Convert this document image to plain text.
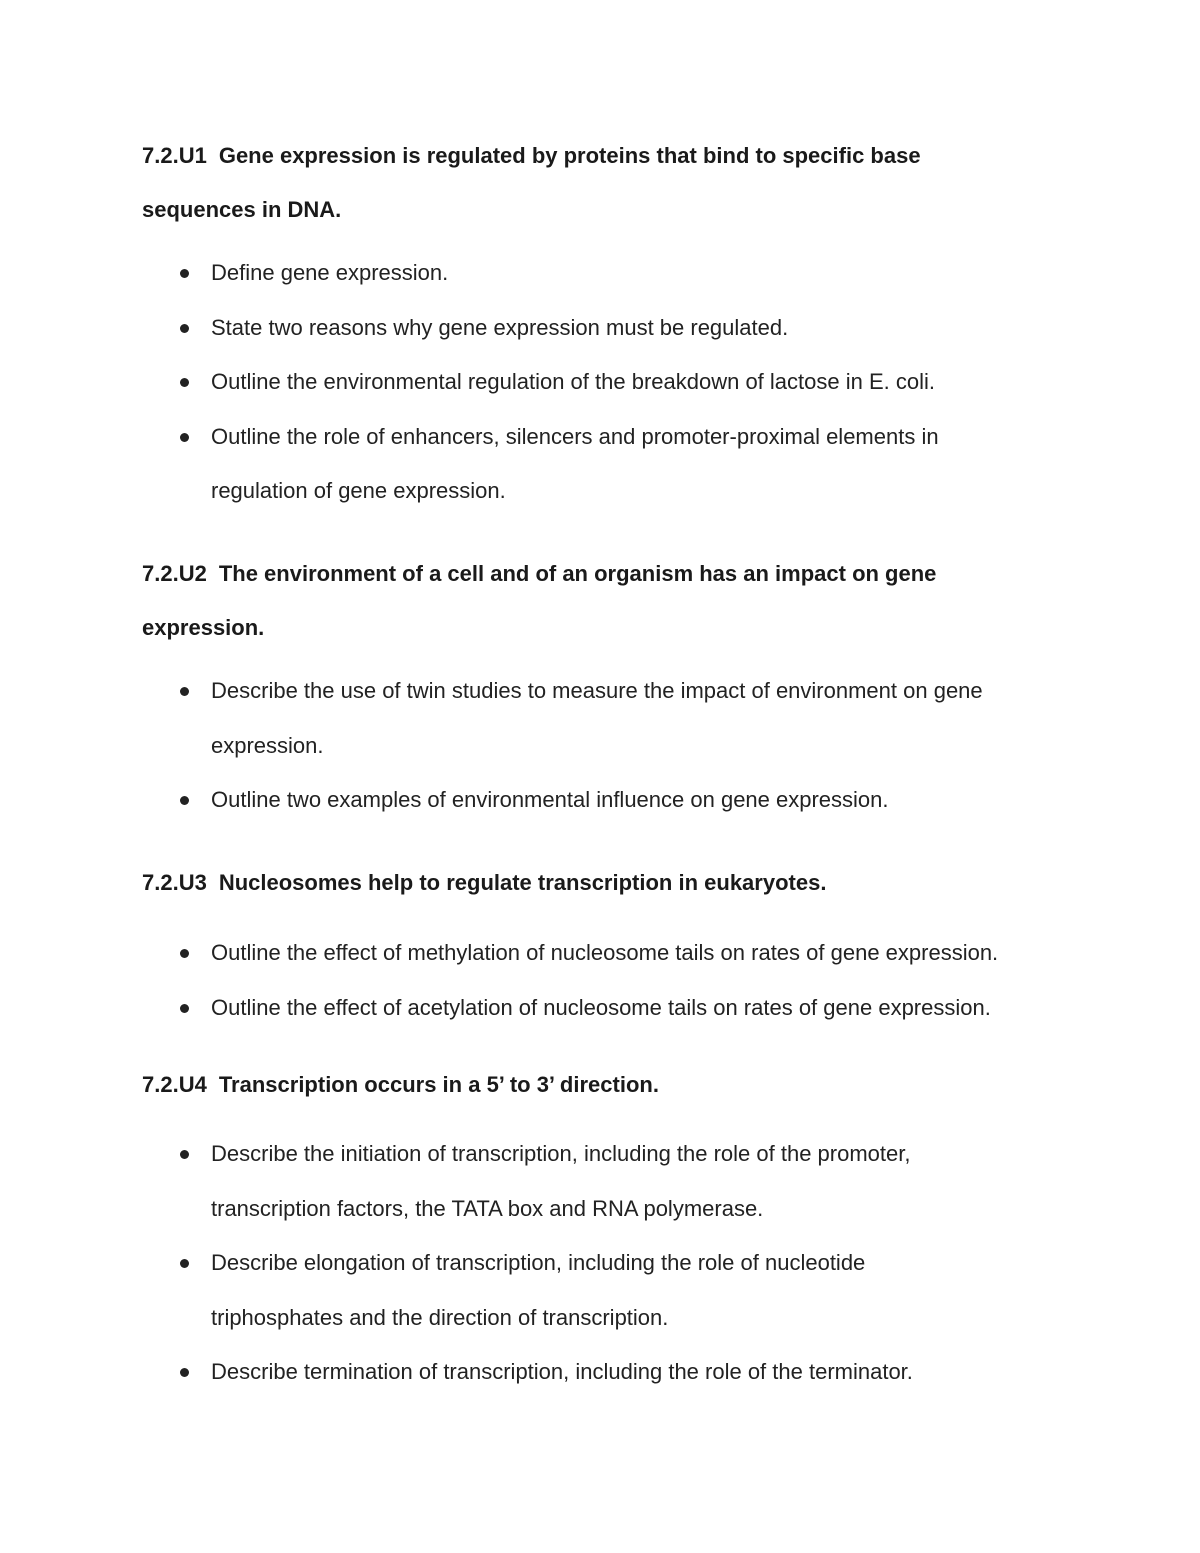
7.2.U1 Gene expression is regulated by proteins that bind to specific base sequences in DNA.

Define gene expression.
State two reasons why gene expression must be regulated.
Outline the environmental regulation of the breakdown of lactose in E. coli.
Outline the role of enhancers, silencers and promoter-proximal elements in regulation of gene expression.

7.2.U2 The environment of a cell and of an organism has an impact on gene expression.

Describe the use of twin studies to measure the impact of environment on gene expression.
Outline two examples of environmental influence on gene expression.

7.2.U3 Nucleosomes help to regulate transcription in eukaryotes.

Outline the effect of methylation of nucleosome tails on rates of gene expression.
Outline the effect of acetylation of nucleosome tails on rates of gene expression.

7.2.U4 Transcription occurs in a 5’ to 3’ direction.

Describe the initiation of transcription, including the role of the promoter, transcription factors, the TATA box and RNA polymerase.
Describe elongation of transcription, including the role of nucleotide triphosphates and the direction of transcription.
Describe termination of transcription, including the role of the terminator.
